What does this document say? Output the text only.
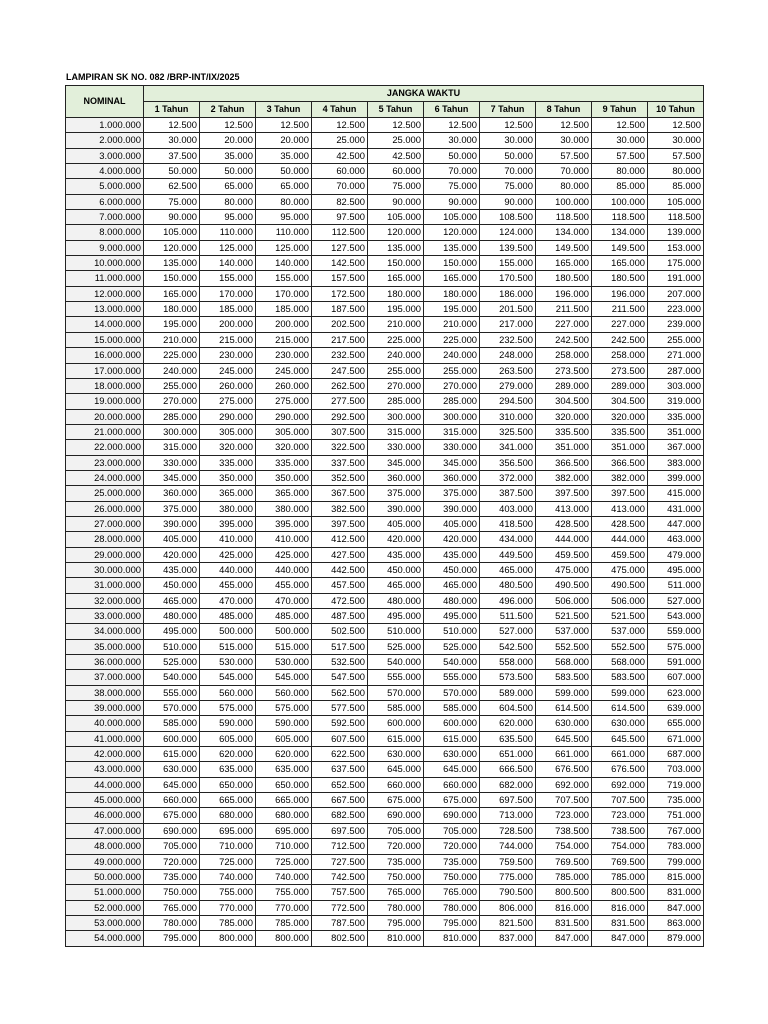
LAMPIRAN SK NO. 082 /BRP-INT/IX/2025
NOMINAL	JANGKA WAKTU									
	1 Tahun	2 Tahun	3 Tahun	4 Tahun	5 Tahun	6 Tahun	7 Tahun	8 Tahun	9 Tahun	10 Tahun
1.000.000	12.500	12.500	12.500	12.500	12.500	12.500	12.500	12.500	12.500	12.500
2.000.000	30.000	20.000	20.000	25.000	25.000	30.000	30.000	30.000	30.000	30.000
3.000.000	37.500	35.000	35.000	42.500	42.500	50.000	50.000	57.500	57.500	57.500
4.000.000	50.000	50.000	50.000	60.000	60.000	70.000	70.000	70.000	80.000	80.000
5.000.000	62.500	65.000	65.000	70.000	75.000	75.000	75.000	80.000	85.000	85.000
6.000.000	75.000	80.000	80.000	82.500	90.000	90.000	90.000	100.000	100.000	105.000
7.000.000	90.000	95.000	95.000	97.500	105.000	105.000	108.500	118.500	118.500	118.500
8.000.000	105.000	110.000	110.000	112.500	120.000	120.000	124.000	134.000	134.000	139.000
9.000.000	120.000	125.000	125.000	127.500	135.000	135.000	139.500	149.500	149.500	153.000
10.000.000	135.000	140.000	140.000	142.500	150.000	150.000	155.000	165.000	165.000	175.000
11.000.000	150.000	155.000	155.000	157.500	165.000	165.000	170.500	180.500	180.500	191.000
12.000.000	165.000	170.000	170.000	172.500	180.000	180.000	186.000	196.000	196.000	207.000
13.000.000	180.000	185.000	185.000	187.500	195.000	195.000	201.500	211.500	211.500	223.000
14.000.000	195.000	200.000	200.000	202.500	210.000	210.000	217.000	227.000	227.000	239.000
15.000.000	210.000	215.000	215.000	217.500	225.000	225.000	232.500	242.500	242.500	255.000
16.000.000	225.000	230.000	230.000	232.500	240.000	240.000	248.000	258.000	258.000	271.000
17.000.000	240.000	245.000	245.000	247.500	255.000	255.000	263.500	273.500	273.500	287.000
18.000.000	255.000	260.000	260.000	262.500	270.000	270.000	279.000	289.000	289.000	303.000
19.000.000	270.000	275.000	275.000	277.500	285.000	285.000	294.500	304.500	304.500	319.000
20.000.000	285.000	290.000	290.000	292.500	300.000	300.000	310.000	320.000	320.000	335.000
21.000.000	300.000	305.000	305.000	307.500	315.000	315.000	325.500	335.500	335.500	351.000
22.000.000	315.000	320.000	320.000	322.500	330.000	330.000	341.000	351.000	351.000	367.000
23.000.000	330.000	335.000	335.000	337.500	345.000	345.000	356.500	366.500	366.500	383.000
24.000.000	345.000	350.000	350.000	352.500	360.000	360.000	372.000	382.000	382.000	399.000
25.000.000	360.000	365.000	365.000	367.500	375.000	375.000	387.500	397.500	397.500	415.000
26.000.000	375.000	380.000	380.000	382.500	390.000	390.000	403.000	413.000	413.000	431.000
27.000.000	390.000	395.000	395.000	397.500	405.000	405.000	418.500	428.500	428.500	447.000
28.000.000	405.000	410.000	410.000	412.500	420.000	420.000	434.000	444.000	444.000	463.000
29.000.000	420.000	425.000	425.000	427.500	435.000	435.000	449.500	459.500	459.500	479.000
30.000.000	435.000	440.000	440.000	442.500	450.000	450.000	465.000	475.000	475.000	495.000
31.000.000	450.000	455.000	455.000	457.500	465.000	465.000	480.500	490.500	490.500	511.000
32.000.000	465.000	470.000	470.000	472.500	480.000	480.000	496.000	506.000	506.000	527.000
33.000.000	480.000	485.000	485.000	487.500	495.000	495.000	511.500	521.500	521.500	543.000
34.000.000	495.000	500.000	500.000	502.500	510.000	510.000	527.000	537.000	537.000	559.000
35.000.000	510.000	515.000	515.000	517.500	525.000	525.000	542.500	552.500	552.500	575.000
36.000.000	525.000	530.000	530.000	532.500	540.000	540.000	558.000	568.000	568.000	591.000
37.000.000	540.000	545.000	545.000	547.500	555.000	555.000	573.500	583.500	583.500	607.000
38.000.000	555.000	560.000	560.000	562.500	570.000	570.000	589.000	599.000	599.000	623.000
39.000.000	570.000	575.000	575.000	577.500	585.000	585.000	604.500	614.500	614.500	639.000
40.000.000	585.000	590.000	590.000	592.500	600.000	600.000	620.000	630.000	630.000	655.000
41.000.000	600.000	605.000	605.000	607.500	615.000	615.000	635.500	645.500	645.500	671.000
42.000.000	615.000	620.000	620.000	622.500	630.000	630.000	651.000	661.000	661.000	687.000
43.000.000	630.000	635.000	635.000	637.500	645.000	645.000	666.500	676.500	676.500	703.000
44.000.000	645.000	650.000	650.000	652.500	660.000	660.000	682.000	692.000	692.000	719.000
45.000.000	660.000	665.000	665.000	667.500	675.000	675.000	697.500	707.500	707.500	735.000
46.000.000	675.000	680.000	680.000	682.500	690.000	690.000	713.000	723.000	723.000	751.000
47.000.000	690.000	695.000	695.000	697.500	705.000	705.000	728.500	738.500	738.500	767.000
48.000.000	705.000	710.000	710.000	712.500	720.000	720.000	744.000	754.000	754.000	783.000
49.000.000	720.000	725.000	725.000	727.500	735.000	735.000	759.500	769.500	769.500	799.000
50.000.000	735.000	740.000	740.000	742.500	750.000	750.000	775.000	785.000	785.000	815.000
51.000.000	750.000	755.000	755.000	757.500	765.000	765.000	790.500	800.500	800.500	831.000
52.000.000	765.000	770.000	770.000	772.500	780.000	780.000	806.000	816.000	816.000	847.000
53.000.000	780.000	785.000	785.000	787.500	795.000	795.000	821.500	831.500	831.500	863.000
54.000.000	795.000	800.000	800.000	802.500	810.000	810.000	837.000	847.000	847.000	879.000
